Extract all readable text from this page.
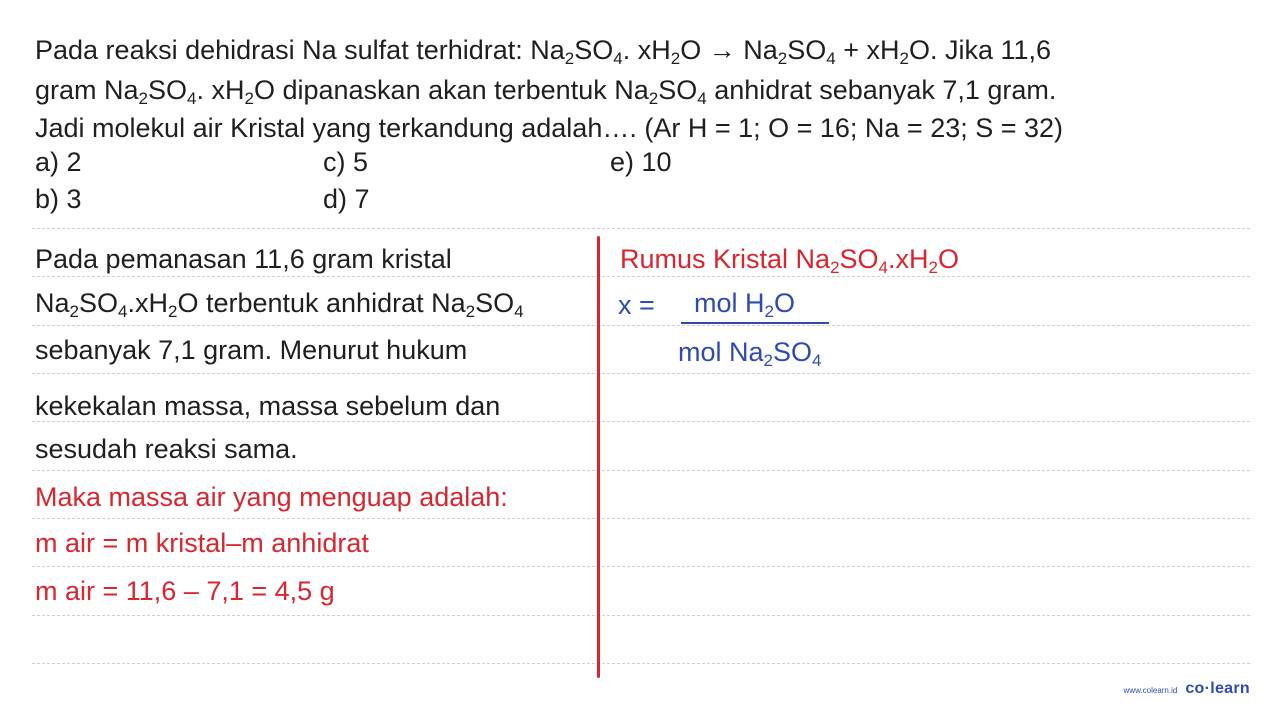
Pada reaksi dehidrasi Na sulfat terhidrat: $Na_2SO_4$. $xH_2O \to Na_2SO_4 + xH_2O$. Jika 11,6
gram $Na_2SO_4$. $xH_2O$ dipanaskan akan terbentuk $Na_2SO_4$ anhidrat sebanyak 7,1 gram.
Jadi molekul air Kristal yang terkandung adalah…. (Ar H = 1; O = 16; Na = 23; S = 32)
a) 2
b) 3
c) 5
d) 7
e) 10
Pada pemanasan 11,6 gram kristal
$Na_2SO_4.xH_2O$ terbentuk anhidrat $Na_2SO_4$
sebanyak 7,1 gram. Menurut hukum
kekekalan massa, massa sebelum dan
sesudah reaksi sama.
Maka massa air yang menguap adalah:
m air = m kristal–m anhidrat
m air = 11,6 – 7,1 = 4,5 g
Rumus Kristal $Na_2SO_4.xH_2O$
x = mol $H_2O$
mol $Na_2SO_4$
www.colearn.id co·learn
